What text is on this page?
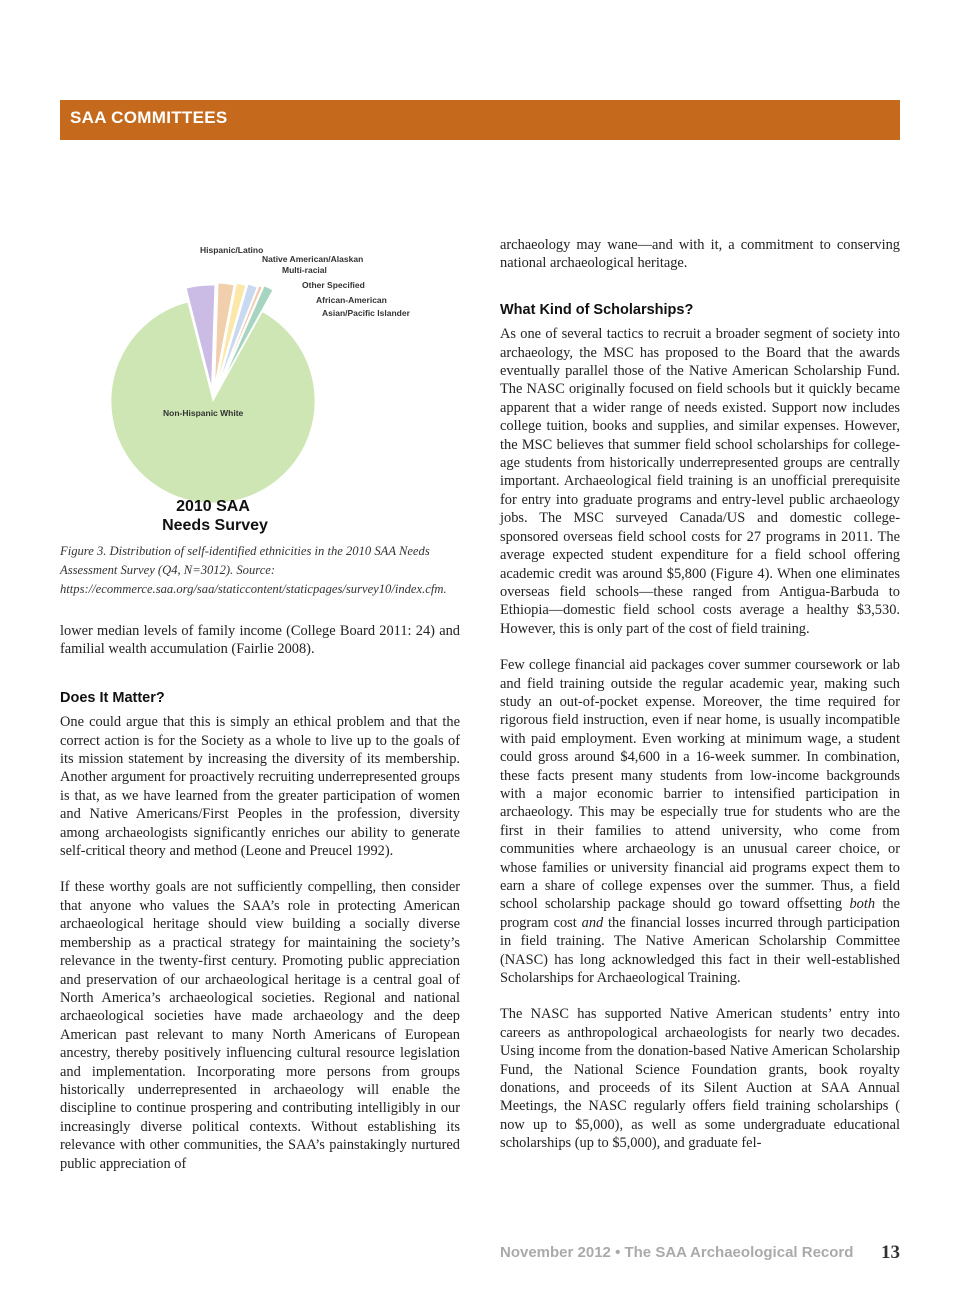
SAA COMMITTEES
Hispanic/Latino
Native American/Alaskan
Multi-racial
Other Specified
African-American
Asian/Pacific Islander
Non-Hispanic White
2010 SAA
Needs Survey
Figure 3. Distribution of self-identified ethnicities in the 2010 SAA Needs Assessment Survey (Q4, N=3012). Source: https://ecommerce.saa.org/saa/staticcontent/staticpages/survey10/index.cfm.

lower median levels of family income (College Board 2011: 24) and familial wealth accumulation (Fairlie 2008).

Does It Matter?

One could argue that this is simply an ethical problem and that the correct action is for the Society as a whole to live up to the goals of its mission statement by increasing the diversity of its membership. Another argument for proactively recruiting underrepresented groups is that, as we have learned from the greater participation of women and Native Americans/First Peoples in the profession, diversity among archaeologists significantly enriches our ability to generate self-critical theory and method (Leone and Preucel 1992).

If these worthy goals are not sufficiently compelling, then consider that anyone who values the SAA’s role in protecting American archaeological heritage should view building a socially diverse membership as a practical strategy for maintaining the society’s relevance in the twenty-first century. Promoting public appreciation and preservation of our archaeological heritage is a central goal of North America’s archaeological societies. Regional and national archaeological societies have made archaeology and the deep American past relevant to many North Americans of European ancestry, thereby positively influencing cultural resource legislation and implementation. Incorporating more persons from groups historically underrepresented in archaeology will enable the discipline to continue prospering and contributing intelligibly in our increasingly diverse political contexts. Without establishing its relevance with other communities, the SAA’s painstakingly nurtured public appreciation of

archaeology may wane—and with it, a commitment to conserving national archaeological heritage.

What Kind of Scholarships?

As one of several tactics to recruit a broader segment of society into archaeology, the MSC has proposed to the Board that the awards eventually parallel those of the Native American Scholarship Fund. The NASC originally focused on field schools but it quickly became apparent that a wider range of needs existed. Support now includes college tuition, books and supplies, and similar expenses. However, the MSC believes that summer field school scholarships for college-age students from historically underrepresented groups are centrally important. Archaeological field training is an unofficial prerequisite for entry into graduate programs and entry-level public archaeology jobs. The MSC surveyed Canada/US and domestic college-sponsored overseas field school costs for 27 programs in 2011. The average expected student expenditure for a field school offering academic credit was around $5,800 (Figure 4). When one eliminates overseas field schools—these ranged from Antigua-Barbuda to Ethiopia—domestic field school costs average a healthy $3,530. However, this is only part of the cost of field training.

Few college financial aid packages cover summer coursework or lab and field training outside the regular academic year, making such study an out-of-pocket expense. Moreover, the time required for rigorous field instruction, even if near home, is usually incompatible with paid employment. Even working at minimum wage, a student could gross around $4,600 in a 16-week summer. In combination, these facts present many students from low-income backgrounds with a major economic barrier to intensified participation in archaeology. This may be especially true for students who are the first in their families to attend university, who come from communities where archaeology is an unusual career choice, or whose families or university financial aid programs expect them to earn a share of college expenses over the summer. Thus, a field school scholarship package should go toward offsetting both the program cost and the financial losses incurred through participation in field training. The Native American Scholarship Committee (NASC) has long acknowledged this fact in their well-established Scholarships for Archaeological Training.

The NASC has supported Native American students’ entry into careers as anthropological archaeologists for nearly two decades. Using income from the donation-based Native American Scholarship Fund, the National Science Foundation grants, book royalty donations, and proceeds of its Silent Auction at SAA Annual Meetings, the NASC regularly offers field training scholarships ( now up to $5,000), as well as some undergraduate educational scholarships (up to $5,000), and graduate fel-

November 2012 • The SAA Archaeological Record 13
